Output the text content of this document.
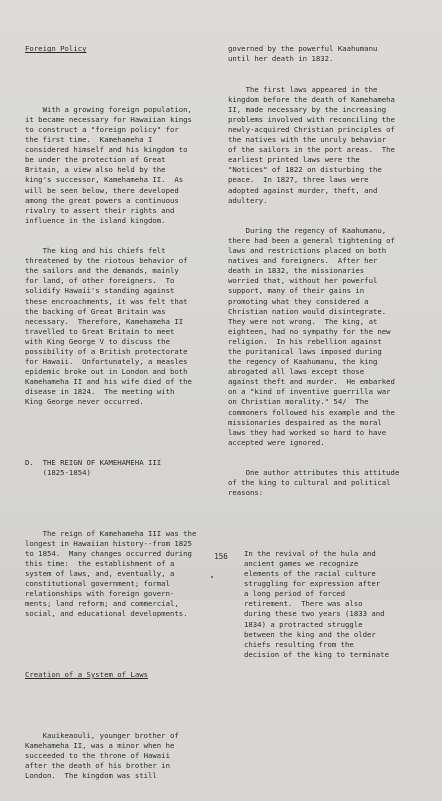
Foreign Policy

With a growing foreign population,
it became necessary for Hawaiian kings
to construct a "foreign policy" for
the first time.  Kamehameha I
considered himself and his kingdom to
be under the protection of Great
Britain, a view also held by the
king's successor, Kamehameha II.  As
will be seen below, there developed
among the great powers a continuous
rivalry to assert their rights and
influence in the island kingdom.

The king and his chiefs felt
threatened by the riotous behavior of
the sailors and the demands, mainly
for land, of other foreigners.  To
solidify Hawaii's standing against
these encroachments, it was felt that
the backing of Great Britain was
necessary.  Therefore, Kamehameha II
travelled to Great Britain to meet
with King George V to discuss the
possibility of a British protectorate
for Hawaii.  Unfortunately, a measles
epidemic broke out in London and both
Kamehameha II and his wife died of the
disease in 1824.  The meeting with
King George never occurred.

D.  THE REIGN OF KAMEHAMEHA III
(1825-1854)

The reign of Kamehameha III was the
longest in Hawaiian history--from 1825
to 1854.  Many changes occurred during
this time:  the establishment of a
system of laws, and, eventually, a
constitutional government; formal
relationships with foreign govern-
ments; land reform; and commercial,
social, and educational developments.

Creation of a System of Laws

Kauikeaouli, younger brother of
Kamehameha II, was a minor when he
succeeded to the throne of Hawaii
after the death of his brother in
London.  The kingdom was still

governed by the powerful Kaahumanu
until her death in 1832.

The first laws appeared in the
kingdom before the death of Kamehameha
II, made necessary by the increasing
problems involved with reconciling the
newly-acquired Christian principles of
the natives with the unruly behavior
of the sailors in the port areas.  The
earliest printed laws were the
"Notices" of 1822 on disturbing the
peace.  In 1827, three laws were
adopted against murder, theft, and
adultery.

During the regency of Kaahumanu,
there had been a general tightening of
laws and restrictions placed on both
natives and foreigners.  After her
death in 1832, the missionaries
worried that, without her powerful
support, many of their gains in
promoting what they considered a
Christian nation would disintegrate.
They were not wrong.  The king, at
eighteen, had no sympathy for the new
religion.  In his rebellion against
the puritanical laws imposed during
the regency of Kaahumanu, the king
abrogated all laws except those
against theft and murder.  He embarked
on a "kind of inventive guerrilla war
on Christian morality." 54/  The
commoners followed his example and the
missionaries despaired as the moral
laws they had worked so hard to have
accepted were ignored.

One author attributes this attitude
of the king to cultural and political
reasons:

In the revival of the hula and
ancient games we recognize
elements of the racial culture
struggling for expression after
a long period of forced
retirement.  There was also
during these two years (1833 and
1834) a protracted struggle
between the king and the older
chiefs resulting from the
decision of the king to terminate

156
